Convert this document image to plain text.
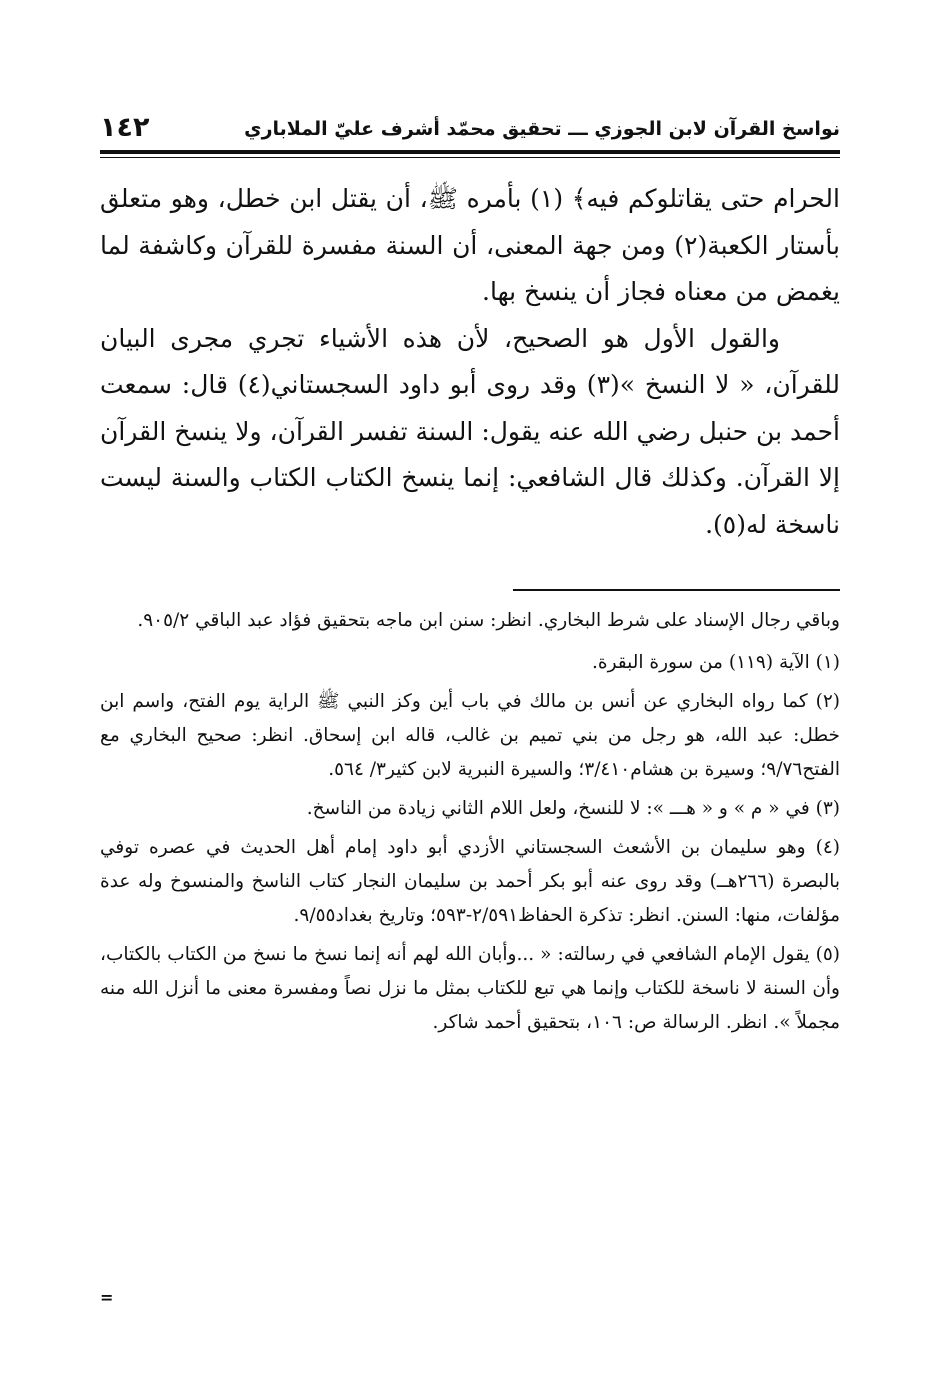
نواسخ القرآن لابن الجوزي ـــ تحقيق محمّد أشرف عليّ الملاباري
١٤٢

الحرام حتى يقاتلوكم فيه﴾ (١) بأمره ﷺ، أن يقتل ابن خطل، وهو متعلق بأستار الكعبة(٢) ومن جهة المعنى، أن السنة مفسرة للقرآن وكاشفة لما يغمض من معناه فجاز أن ينسخ بها.

والقول الأول هو الصحيح، لأن هذه الأشياء تجري مجرى البيان للقرآن، « لا النسخ »(٣) وقد روى أبو داود السجستاني(٤) قال: سمعت أحمد بن حنبل رضي الله عنه يقول: السنة تفسر القرآن، ولا ينسخ القرآن إلا القرآن. وكذلك قال الشافعي: إنما ينسخ الكتاب الكتاب والسنة ليست ناسخة له(٥).

وباقي رجال الإسناد على شرط البخاري. انظر: سنن ابن ماجه بتحقيق فؤاد عبد الباقي ٩٠٥/٢.

(١) الآية (١١٩) من سورة البقرة.

(٢) كما رواه البخاري عن أنس بن مالك في باب أين وكز النبي ﷺ الراية يوم الفتح، واسم ابن خطل: عبد الله، هو رجل من بني تميم بن غالب، قاله ابن إسحاق. انظر: صحيح البخاري مع الفتح٩/٧٦؛ وسيرة بن هشام٣/٤١٠؛ والسيرة النبرية لابن كثير٣/ ٥٦٤.

(٣) في « م » و « هـــ »: لا للنسخ، ولعل اللام الثاني زيادة من الناسخ.

(٤) وهو سليمان بن الأشعث السجستاني الأزدي أبو داود إمام أهل الحديث في عصره توفي بالبصرة (٢٦٦هــ) وقد روى عنه أبو بكر أحمد بن سليمان النجار كتاب الناسخ والمنسوخ وله عدة مؤلفات، منها: السنن. انظر: تذكرة الحفاظ٢/٥٩١-٥٩٣؛ وتاريخ بغداد٩/٥٥.

(٥) يقول الإمام الشافعي في رسالته: « ...وأبان الله لهم أنه إنما نسخ ما نسخ من الكتاب بالكتاب، وأن السنة لا ناسخة للكتاب وإنما هي تبع للكتاب بمثل ما نزل نصاً ومفسرة معنى ما أنزل الله منه مجملاً ». انظر. الرسالة ص: ١٠٦، بتحقيق أحمد شاكر.

=
